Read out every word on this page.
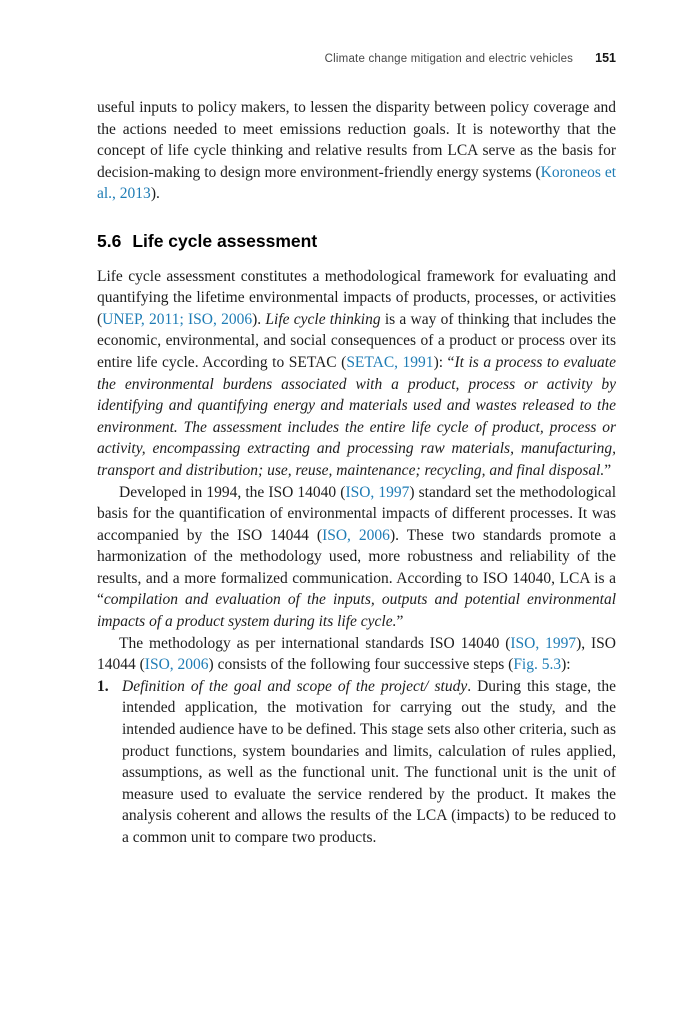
Climate change mitigation and electric vehicles 151

useful inputs to policy makers, to lessen the disparity between policy coverage and the actions needed to meet emissions reduction goals. It is noteworthy that the concept of life cycle thinking and relative results from LCA serve as the basis for decision-making to design more environment-friendly energy systems (Koroneos et al., 2013).

5.6 Life cycle assessment

Life cycle assessment constitutes a methodological framework for evaluating and quantifying the lifetime environmental impacts of products, processes, or activities (UNEP, 2011; ISO, 2006). Life cycle thinking is a way of thinking that includes the economic, environmental, and social consequences of a product or process over its entire life cycle. According to SETAC (SETAC, 1991): “It is a process to evaluate the environmental burdens associated with a product, process or activity by identifying and quantifying energy and materials used and wastes released to the environment. The assessment includes the entire life cycle of product, process or activity, encompassing extracting and processing raw materials, manufacturing, transport and distribution; use, reuse, maintenance; recycling, and final disposal.”

Developed in 1994, the ISO 14040 (ISO, 1997) standard set the methodological basis for the quantification of environmental impacts of different processes. It was accompanied by the ISO 14044 (ISO, 2006). These two standards promote a harmonization of the methodology used, more robustness and reliability of the results, and a more formalized communication. According to ISO 14040, LCA is a “compilation and evaluation of the inputs, outputs and potential environmental impacts of a product system during its life cycle.”

The methodology as per international standards ISO 14040 (ISO, 1997), ISO 14044 (ISO, 2006) consists of the following four successive steps (Fig. 5.3):

1. Definition of the goal and scope of the project/ study. During this stage, the intended application, the motivation for carrying out the study, and the intended audience have to be defined. This stage sets also other criteria, such as product functions, system boundaries and limits, calculation of rules applied, assumptions, as well as the functional unit. The functional unit is the unit of measure used to evaluate the service rendered by the product. It makes the analysis coherent and allows the results of the LCA (impacts) to be reduced to a common unit to compare two products.
